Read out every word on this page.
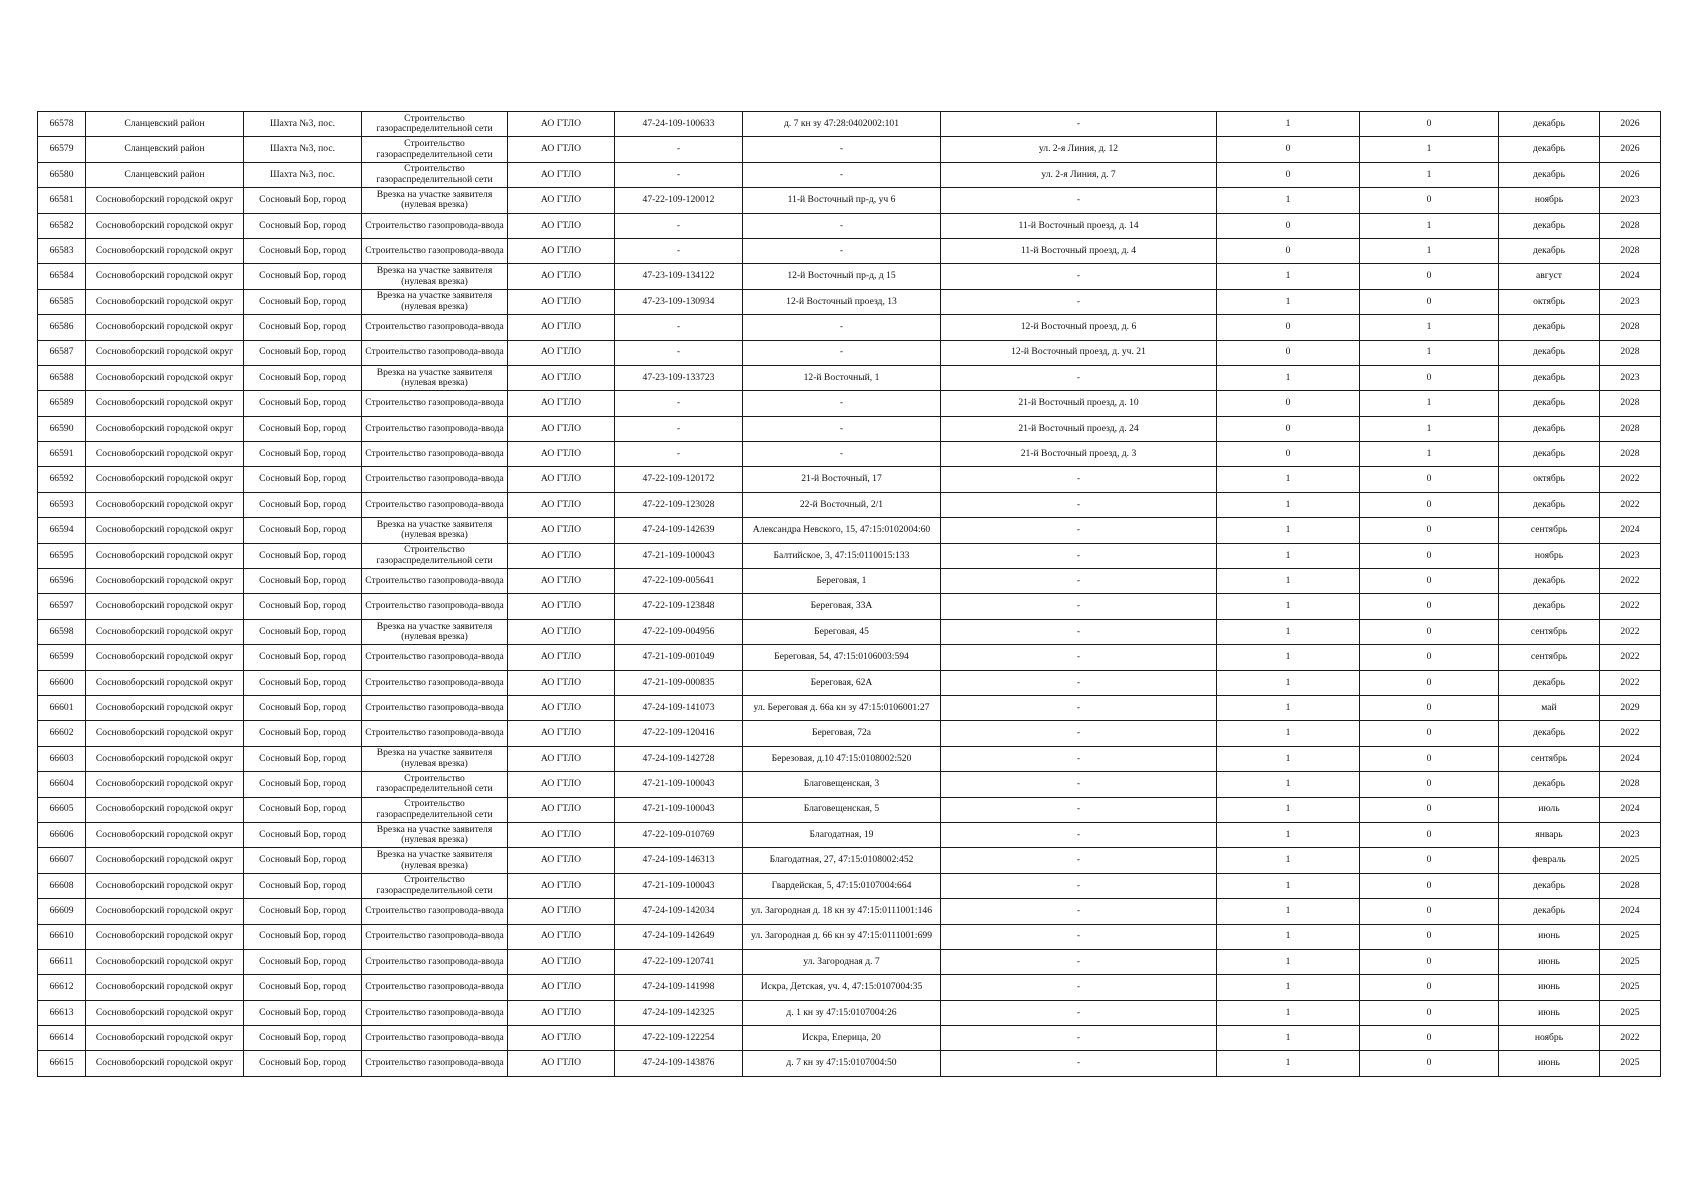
66578	Сланцевский район	Шахта №3, пос.	Строительство газораспределительной сети	АО ГТЛО	47-24-109-100633	д. 7 кн зу 47:28:0402002:101	-	1	0	декабрь	2026
66579	Сланцевский район	Шахта №3, пос.	Строительство газораспределительной сети	АО ГТЛО	-	-	ул. 2-я Линия, д. 12	0	1	декабрь	2026
66580	Сланцевский район	Шахта №3, пос.	Строительство газораспределительной сети	АО ГТЛО	-	-	ул. 2-я Линия, д. 7	0	1	декабрь	2026
66581	Сосновоборский городской округ	Сосновый Бор, город	Врезка на участке заявителя (нулевая врезка)	АО ГТЛО	47-22-109-120012	11-й Восточный пр-д, уч 6	-	1	0	ноябрь	2023
66582	Сосновоборский городской округ	Сосновый Бор, город	Строительство газопровода-ввода	АО ГТЛО	-	-	11-й Восточный проезд, д. 14	0	1	декабрь	2028
66583	Сосновоборский городской округ	Сосновый Бор, город	Строительство газопровода-ввода	АО ГТЛО	-	-	11-й Восточный проезд, д. 4	0	1	декабрь	2028
66584	Сосновоборский городской округ	Сосновый Бор, город	Врезка на участке заявителя (нулевая врезка)	АО ГТЛО	47-23-109-134122	12-й Восточный пр-д, д 15	-	1	0	август	2024
66585	Сосновоборский городской округ	Сосновый Бор, город	Врезка на участке заявителя (нулевая врезка)	АО ГТЛО	47-23-109-130934	12-й Восточный проезд, 13	-	1	0	октябрь	2023
66586	Сосновоборский городской округ	Сосновый Бор, город	Строительство газопровода-ввода	АО ГТЛО	-	-	12-й Восточный проезд, д. 6	0	1	декабрь	2028
66587	Сосновоборский городской округ	Сосновый Бор, город	Строительство газопровода-ввода	АО ГТЛО	-	-	12-й Восточный проезд, д. уч. 21	0	1	декабрь	2028
66588	Сосновоборский городской округ	Сосновый Бор, город	Врезка на участке заявителя (нулевая врезка)	АО ГТЛО	47-23-109-133723	12-й Восточный, 1	-	1	0	декабрь	2023
66589	Сосновоборский городской округ	Сосновый Бор, город	Строительство газопровода-ввода	АО ГТЛО	-	-	21-й Восточный проезд, д. 10	0	1	декабрь	2028
66590	Сосновоборский городской округ	Сосновый Бор, город	Строительство газопровода-ввода	АО ГТЛО	-	-	21-й Восточный проезд, д. 24	0	1	декабрь	2028
66591	Сосновоборский городской округ	Сосновый Бор, город	Строительство газопровода-ввода	АО ГТЛО	-	-	21-й Восточный проезд, д. 3	0	1	декабрь	2028
66592	Сосновоборский городской округ	Сосновый Бор, город	Строительство газопровода-ввода	АО ГТЛО	47-22-109-120172	21-й Восточный, 17	-	1	0	октябрь	2022
66593	Сосновоборский городской округ	Сосновый Бор, город	Строительство газопровода-ввода	АО ГТЛО	47-22-109-123028	22-й Восточный, 2/1	-	1	0	декабрь	2022
66594	Сосновоборский городской округ	Сосновый Бор, город	Врезка на участке заявителя (нулевая врезка)	АО ГТЛО	47-24-109-142639	Александра Невского, 15, 47:15:0102004:60	-	1	0	сентябрь	2024
66595	Сосновоборский городской округ	Сосновый Бор, город	Строительство газораспределительной сети	АО ГТЛО	47-21-109-100043	Балтийское, 3, 47:15:0110015:133	-	1	0	ноябрь	2023
66596	Сосновоборский городской округ	Сосновый Бор, город	Строительство газопровода-ввода	АО ГТЛО	47-22-109-005641	Береговая, 1	-	1	0	декабрь	2022
66597	Сосновоборский городской округ	Сосновый Бор, город	Строительство газопровода-ввода	АО ГТЛО	47-22-109-123848	Береговая, 33А	-	1	0	декабрь	2022
66598	Сосновоборский городской округ	Сосновый Бор, город	Врезка на участке заявителя (нулевая врезка)	АО ГТЛО	47-22-109-004956	Береговая, 45	-	1	0	сентябрь	2022
66599	Сосновоборский городской округ	Сосновый Бор, город	Строительство газопровода-ввода	АО ГТЛО	47-21-109-001049	Береговая, 54, 47:15:0106003:594	-	1	0	сентябрь	2022
66600	Сосновоборский городской округ	Сосновый Бор, город	Строительство газопровода-ввода	АО ГТЛО	47-21-109-000835	Береговая, 62А	-	1	0	декабрь	2022
66601	Сосновоборский городской округ	Сосновый Бор, город	Строительство газопровода-ввода	АО ГТЛО	47-24-109-141073	ул. Береговая д. 66а кн зу 47:15:0106001:27	-	1	0	май	2029
66602	Сосновоборский городской округ	Сосновый Бор, город	Строительство газопровода-ввода	АО ГТЛО	47-22-109-120416	Береговая, 72а	-	1	0	декабрь	2022
66603	Сосновоборский городской округ	Сосновый Бор, город	Врезка на участке заявителя (нулевая врезка)	АО ГТЛО	47-24-109-142728	Березовая, д.10 47:15:0108002:520	-	1	0	сентябрь	2024
66604	Сосновоборский городской округ	Сосновый Бор, город	Строительство газораспределительной сети	АО ГТЛО	47-21-109-100043	Благовещенская, 3	-	1	0	декабрь	2028
66605	Сосновоборский городской округ	Сосновый Бор, город	Строительство газораспределительной сети	АО ГТЛО	47-21-109-100043	Благовещенская, 5	-	1	0	июль	2024
66606	Сосновоборский городской округ	Сосновый Бор, город	Врезка на участке заявителя (нулевая врезка)	АО ГТЛО	47-22-109-010769	Благодатная, 19	-	1	0	январь	2023
66607	Сосновоборский городской округ	Сосновый Бор, город	Врезка на участке заявителя (нулевая врезка)	АО ГТЛО	47-24-109-146313	Благодатная, 27, 47:15:0108002:452	-	1	0	февраль	2025
66608	Сосновоборский городской округ	Сосновый Бор, город	Строительство газораспределительной сети	АО ГТЛО	47-21-109-100043	Гвардейская, 5, 47:15:0107004:664	-	1	0	декабрь	2028
66609	Сосновоборский городской округ	Сосновый Бор, город	Строительство газопровода-ввода	АО ГТЛО	47-24-109-142034	ул. Загородная д. 18 кн зу 47:15:0111001:146	-	1	0	декабрь	2024
66610	Сосновоборский городской округ	Сосновый Бор, город	Строительство газопровода-ввода	АО ГТЛО	47-24-109-142649	ул. Загородная д. 66 кн зу 47:15:0111001:699	-	1	0	июнь	2025
66611	Сосновоборский городской округ	Сосновый Бор, город	Строительство газопровода-ввода	АО ГТЛО	47-22-109-120741	ул. Загородная д. 7	-	1	0	июнь	2025
66612	Сосновоборский городской округ	Сосновый Бор, город	Строительство газопровода-ввода	АО ГТЛО	47-24-109-141998	Искра, Детская, уч. 4, 47:15:0107004:35	-	1	0	июнь	2025
66613	Сосновоборский городской округ	Сосновый Бор, город	Строительство газопровода-ввода	АО ГТЛО	47-24-109-142325	д. 1 кн зу 47:15:0107004:26	-	1	0	июнь	2025
66614	Сосновоборский городской округ	Сосновый Бор, город	Строительство газопровода-ввода	АО ГТЛО	47-22-109-122254	Искра, Еперица, 20	-	1	0	ноябрь	2022
66615	Сосновоборский городской округ	Сосновый Бор, город	Строительство газопровода-ввода	АО ГТЛО	47-24-109-143876	д. 7 кн зу 47:15:0107004:50	-	1	0	июнь	2025
